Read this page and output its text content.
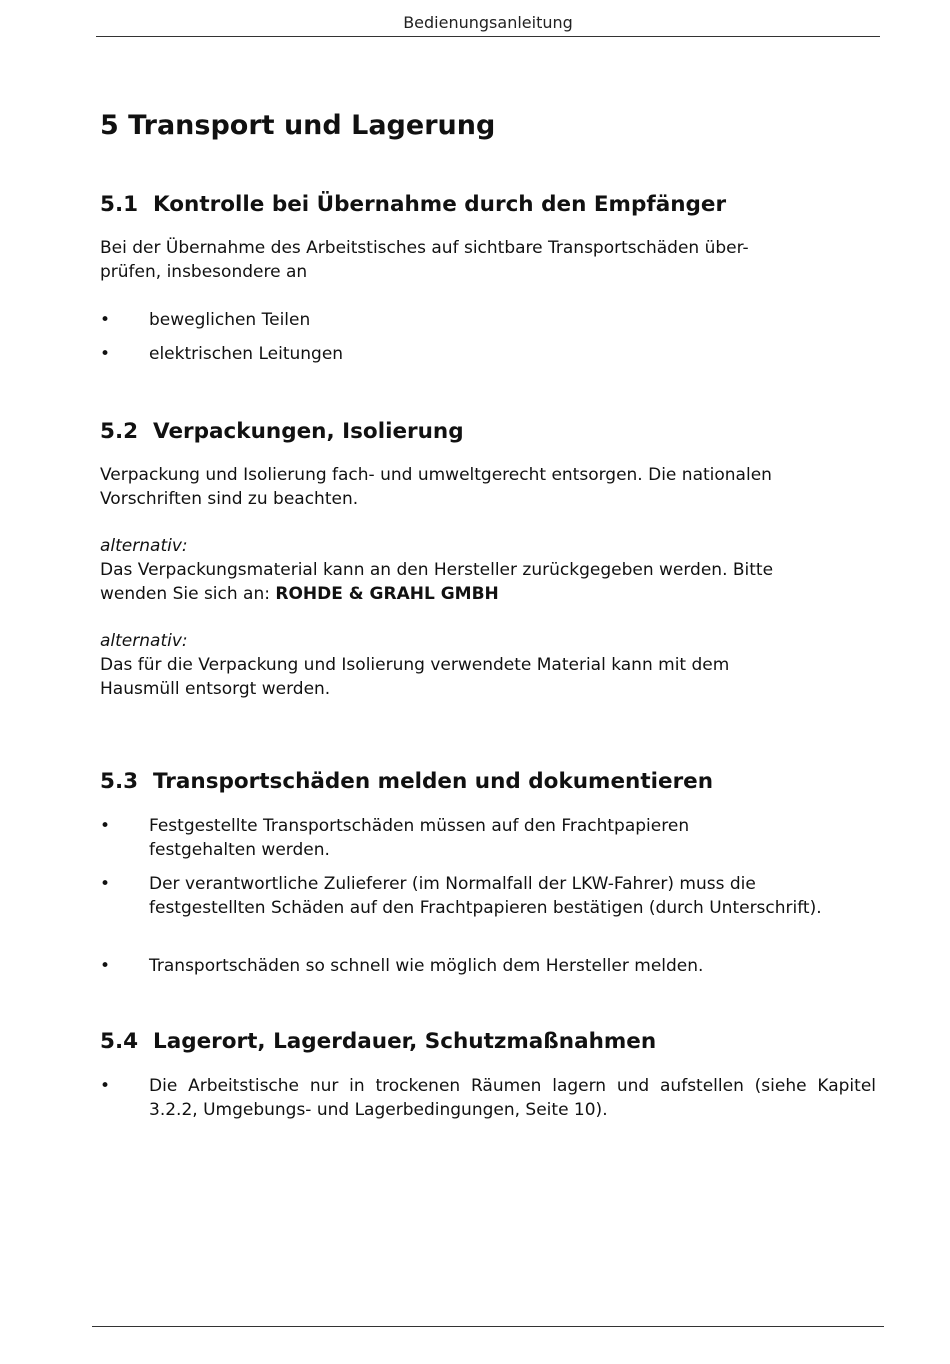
Bedienungsanleitung
5 Transport und Lagerung
5.1 Kontrolle bei Übernahme durch den Empfänger
Bei der Übernahme des Arbeitstisches auf sichtbare Transportschäden über-
prüfen, insbesondere an
•	beweglichen Teilen
•	elektrischen Leitungen
5.2 Verpackungen, Isolierung
Verpackung und Isolierung fach- und umweltgerecht entsorgen. Die nationalen
Vorschriften sind zu beachten.
alternativ:
Das Verpackungsmaterial kann an den Hersteller zurückgegeben werden. Bitte
wenden Sie sich an: ROHDE & GRAHL GMBH
alternativ:
Das für die Verpackung und Isolierung verwendete Material kann mit dem
Hausmüll entsorgt werden.
5.3 Transportschäden melden und dokumentieren
•	Festgestellte Transportschäden müssen auf den Frachtpapieren festgehalten werden.
•	Der verantwortliche Zulieferer (im Normalfall der LKW-Fahrer) muss die festgestellten Schäden auf den Frachtpapieren bestätigen (durch Unterschrift).
•	Transportschäden so schnell wie möglich dem Hersteller melden.
5.4 Lagerort, Lagerdauer, Schutzmaßnahmen
•	Die Arbeitstische nur in trockenen Räumen lagern und aufstellen (siehe Kapitel 3.2.2, Umgebungs- und Lagerbedingungen, Seite 10).
